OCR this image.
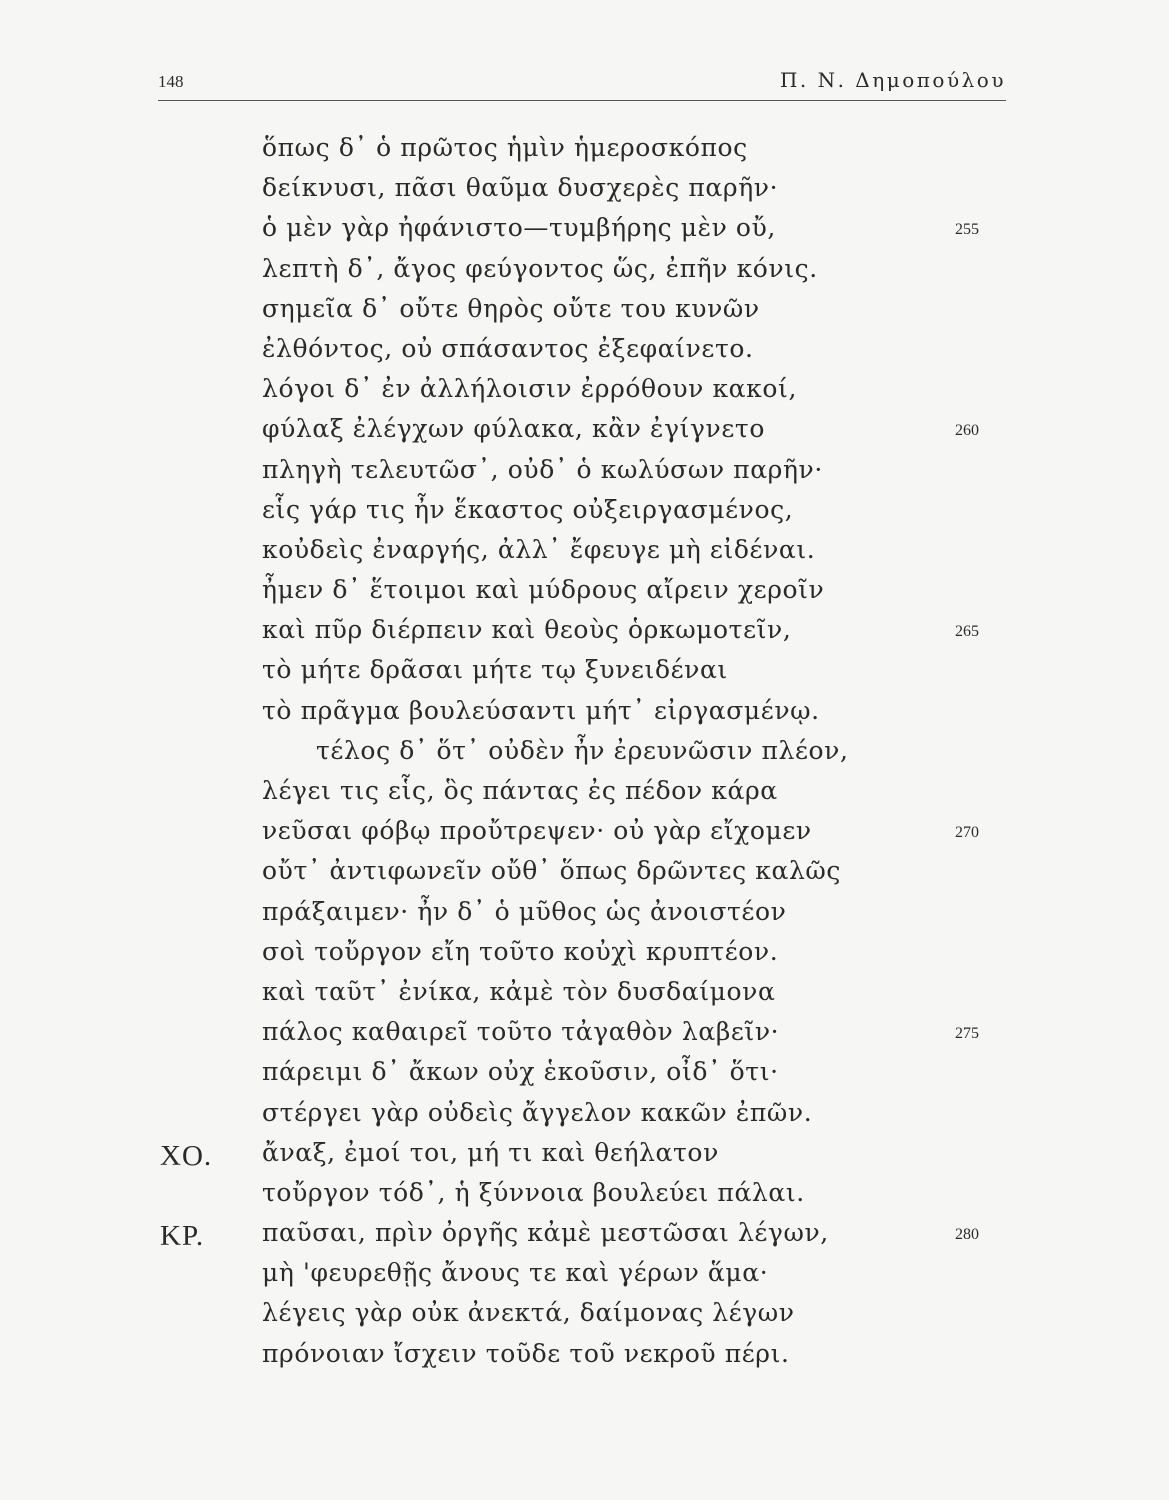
148	Π. Ν. Δημοπούλου
ὅπως δ᾽ ὁ πρῶτος ἡμὶν ἡμεροσκόπος
δείκνυσι, πᾶσι θαῦμα δυσχερὲς παρῆν·
ὁ μὲν γὰρ ἠφάνιστο—τυμβήρης μὲν οὔ,	255
λεπτὴ δ᾽, ἄγος φεύγοντος ὥς, ἐπῆν κόνις.
σημεῖα δ᾽ οὔτε θηρὸς οὔτε του κυνῶν
ἐλθόντος, οὐ σπάσαντος ἐξεφαίνετο.
λόγοι δ᾽ ἐν ἀλλήλοισιν ἐρρόθουν κακοί,
φύλαξ ἐλέγχων φύλακα, κἂν ἐγίγνετο	260
πληγὴ τελευτῶσ᾽, οὐδ᾽ ὁ κωλύσων παρῆν·
εἷς γάρ τις ἦν ἕκαστος οὐξειργασμένος,
κοὐδεὶς ἐναργής, ἀλλ᾽ ἔφευγε μὴ εἰδέναι.
ἦμεν δ᾽ ἕτοιμοι καὶ μύδρους αἴρειν χεροῖν
καὶ πῦρ διέρπειν καὶ θεοὺς ὁρκωμοτεῖν,	265
τὸ μήτε δρᾶσαι μήτε τῳ ξυνειδέναι
τὸ πρᾶγμα βουλεύσαντι μήτ᾽ εἰργασμένῳ.
τέλος δ᾽ ὅτ᾽ οὐδὲν ἦν ἐρευνῶσιν πλέον,
λέγει τις εἷς, ὃς πάντας ἐς πέδον κάρα
νεῦσαι φόβῳ προὔτρεψεν· οὐ γὰρ εἴχομεν	270
οὔτ᾽ ἀντιφωνεῖν οὔθ᾽ ὅπως δρῶντες καλῶς
πράξαιμεν· ἦν δ᾽ ὁ μῦθος ὡς ἀνοιστέον
σοὶ τοὔργον εἴη τοῦτο κοὐχὶ κρυπτέον.
καὶ ταῦτ᾽ ἐνίκα, κἀμὲ τὸν δυσδαίμονα
πάλος καθαιρεῖ τοῦτο τἀγαθὸν λαβεῖν·	275
πάρειμι δ᾽ ἄκων οὐχ ἑκοῦσιν, οἶδ᾽ ὅτι·
στέργει γὰρ οὐδεὶς ἄγγελον κακῶν ἐπῶν.
ΧΟ. ἄναξ, ἐμοί τοι, μή τι καὶ θεήλατον
τοὔργον τόδ᾽, ἡ ξύννοια βουλεύει πάλαι.
ΚΡ. παῦσαι, πρὶν ὀργῆς κἀμὲ μεστῶσαι λέγων,	280
μὴ 'φευρεθῇς ἄνους τε καὶ γέρων ἅμα·
λέγεις γὰρ οὐκ ἀνεκτά, δαίμονας λέγων
πρόνοιαν ἴσχειν τοῦδε τοῦ νεκροῦ πέρι.
